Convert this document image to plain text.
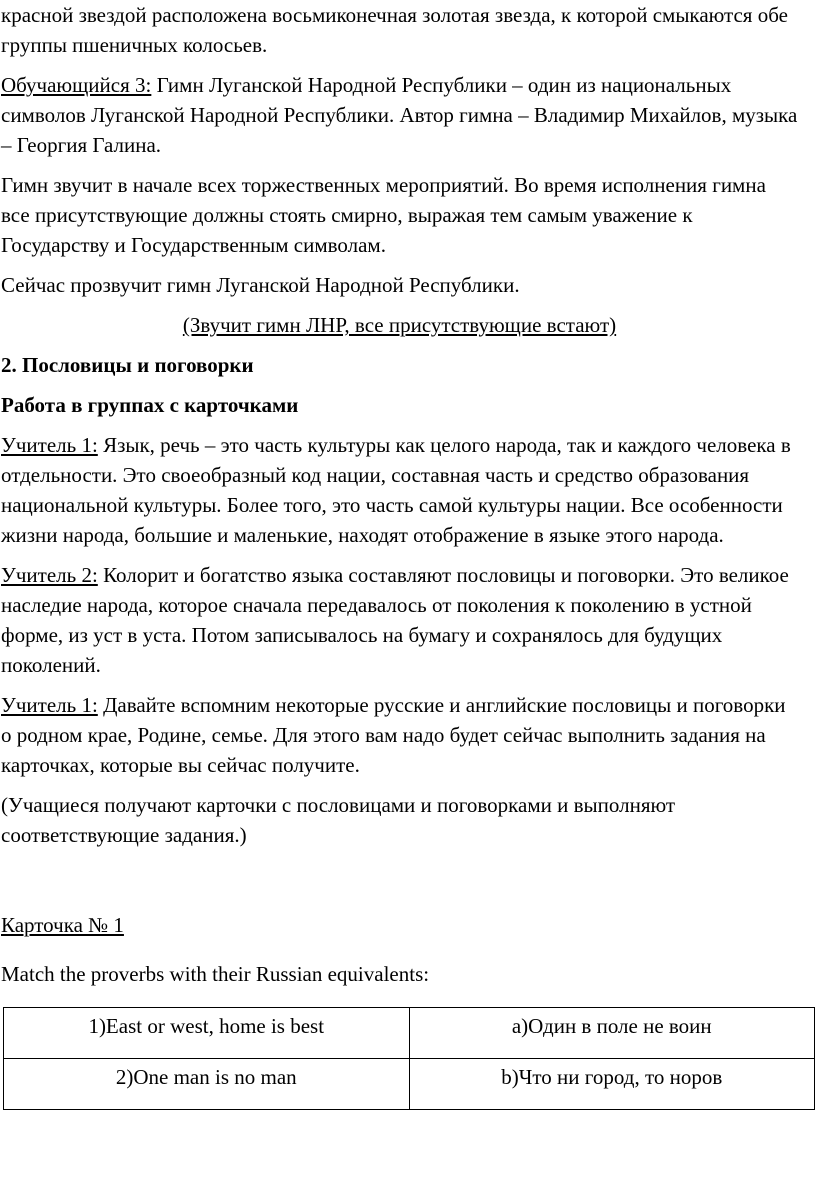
красной звездой расположена восьмиконечная золотая звезда, к которой смыкаются обе группы пшеничных колосьев.

Обучающийся 3: Гимн Луганской Народной Республики – один из национальных символов Луганской Народной Республики. Автор гимна – Владимир Михайлов, музыка – Георгия Галина.

Гимн звучит в начале всех торжественных мероприятий. Во время исполнения гимна все присутствующие должны стоять смирно, выражая тем самым уважение к Государству и Государственным символам.

Сейчас прозвучит гимн Луганской Народной Республики.

(Звучит гимн ЛНР, все присутствующие встают)

2. Пословицы и поговорки

Работа в группах с карточками

Учитель 1: Язык, речь – это часть культуры как целого народа, так и каждого человека в отдельности. Это своеобразный код нации, составная часть и средство образования национальной культуры. Более того, это часть самой культуры нации. Все особенности жизни народа, большие и маленькие, находят отображение в языке этого народа.

Учитель 2: Колорит и богатство языка составляют пословицы и поговорки. Это великое наследие народа, которое сначала передавалось от поколения к поколению в устной форме, из уст в уста. Потом записывалось на бумагу и сохранялось для будущих поколений.

Учитель 1: Давайте вспомним некоторые русские и английские пословицы и поговорки о родном крае, Родине, семье. Для этого вам надо будет сейчас выполнить задания на карточках, которые вы сейчас получите.

(Учащиеся получают карточки с пословицами и поговорками и выполняют соответствующие задания.)

Карточка № 1

Match the proverbs with their Russian equivalents:

1)East or west, home is best	a)Один в поле не воин
2)One man is no man	b)Что ни город, то норов
